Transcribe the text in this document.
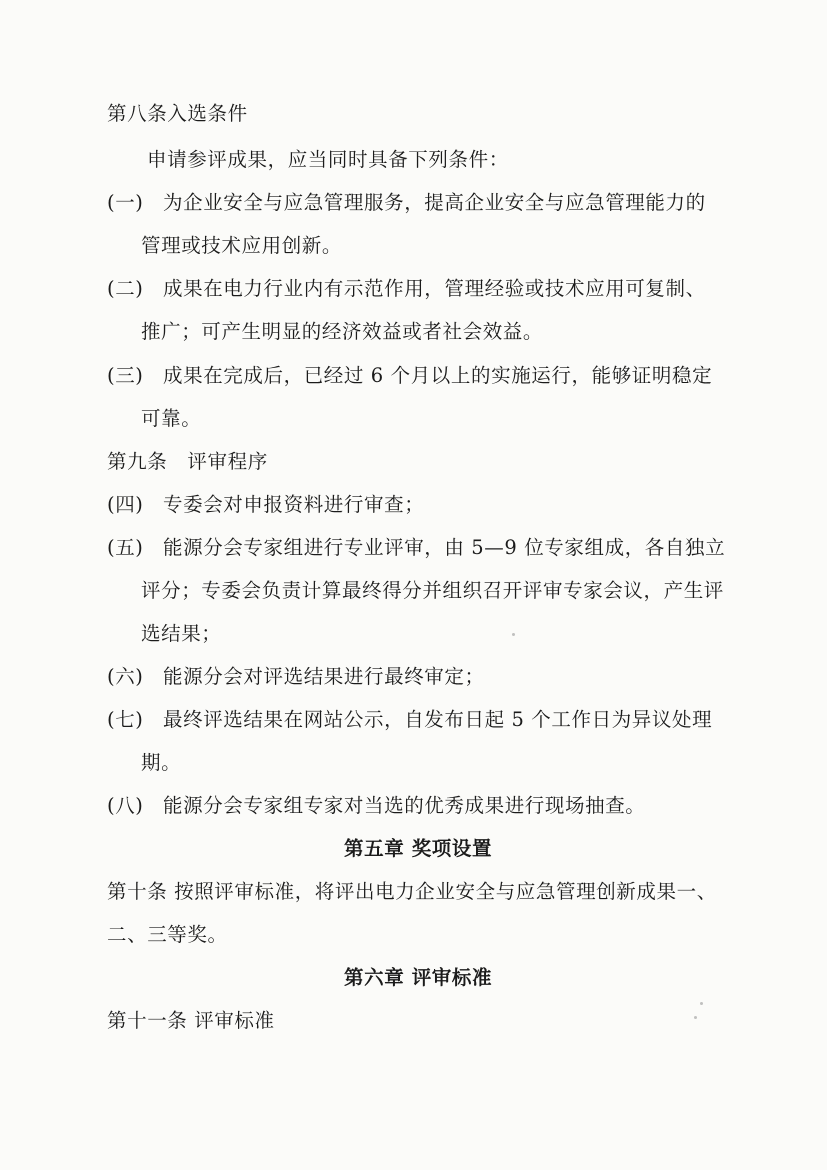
第八条入选条件
申请参评成果，应当同时具备下列条件：
(一) 为企业安全与应急管理服务，提高企业安全与应急管理能力的
管理或技术应用创新。
(二) 成果在电力行业内有示范作用，管理经验或技术应用可复制、
推广；可产生明显的经济效益或者社会效益。
(三) 成果在完成后，已经过 6 个月以上的实施运行，能够证明稳定
可靠。
第九条　评审程序
(四) 专委会对申报资料进行审查；
(五) 能源分会专家组进行专业评审，由 5—9 位专家组成，各自独立
评分；专委会负责计算最终得分并组织召开评审专家会议，产生评
选结果；
(六) 能源分会对评选结果进行最终审定；
(七) 最终评选结果在网站公示，自发布日起 5 个工作日为异议处理
期。
(八) 能源分会专家组专家对当选的优秀成果进行现场抽查。
第五章 奖项设置
第十条 按照评审标准，将评出电力企业安全与应急管理创新成果一、
二、三等奖。
第六章 评审标准
第十一条 评审标准
